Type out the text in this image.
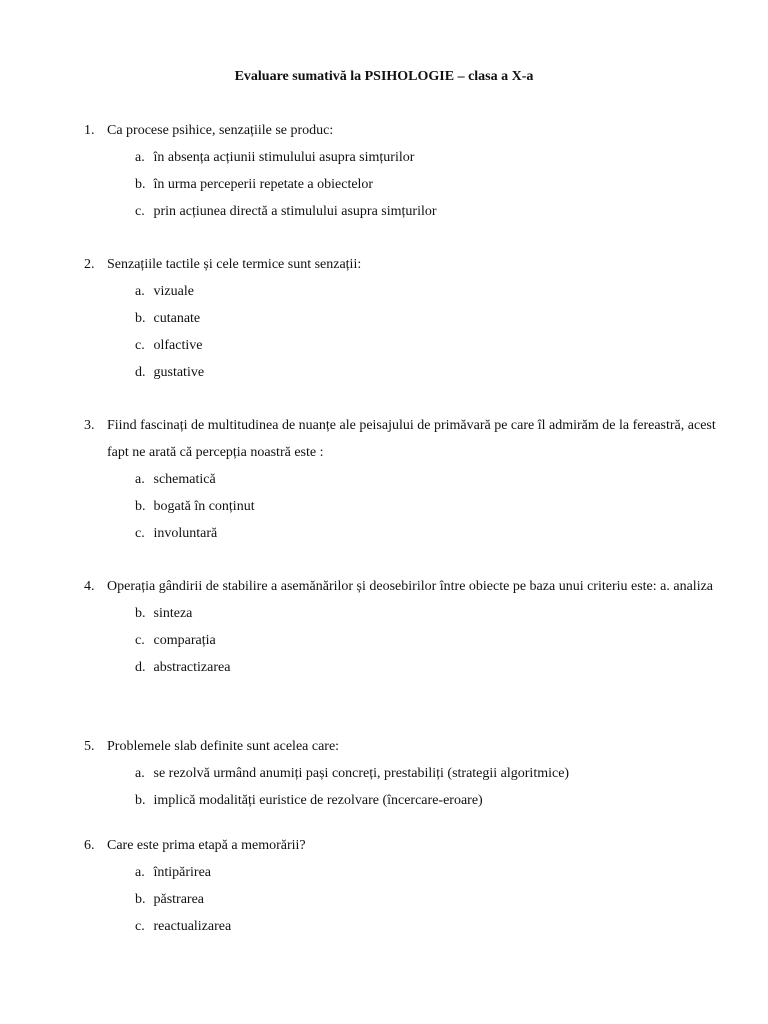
Evaluare sumativă la PSIHOLOGIE – clasa a X-a
1. Ca procese psihice, senzațiile se produc:
a. în absența acțiunii stimulului asupra simțurilor
b. în urma perceperii repetate a obiectelor
c. prin acțiunea directă a stimulului asupra simțurilor
2. Senzațiile tactile și cele termice sunt senzații:
a. vizuale
b. cutanate
c. olfactive
d. gustative
3. Fiind fascinați de multitudinea de nuanțe ale peisajului de primăvară pe care îl admirăm de la fereastră, acest fapt ne arată că percepția noastră este :
a. schematică
b. bogată în conținut
c. involuntară
4. Operația gândirii de stabilire a asemănărilor și deosebirilor între obiecte pe baza unui criteriu este: a. analiza
b. sinteza
c. comparația
d. abstractizarea
5. Problemele slab definite sunt acelea care:
a. se rezolvă urmând anumiți pași concreți, prestabiliți (strategii algoritmice)
b. implică modalități euristice de rezolvare (încercare-eroare)
6. Care este prima etapă a memorării?
a. întipărirea
b. păstrarea
c. reactualizarea
